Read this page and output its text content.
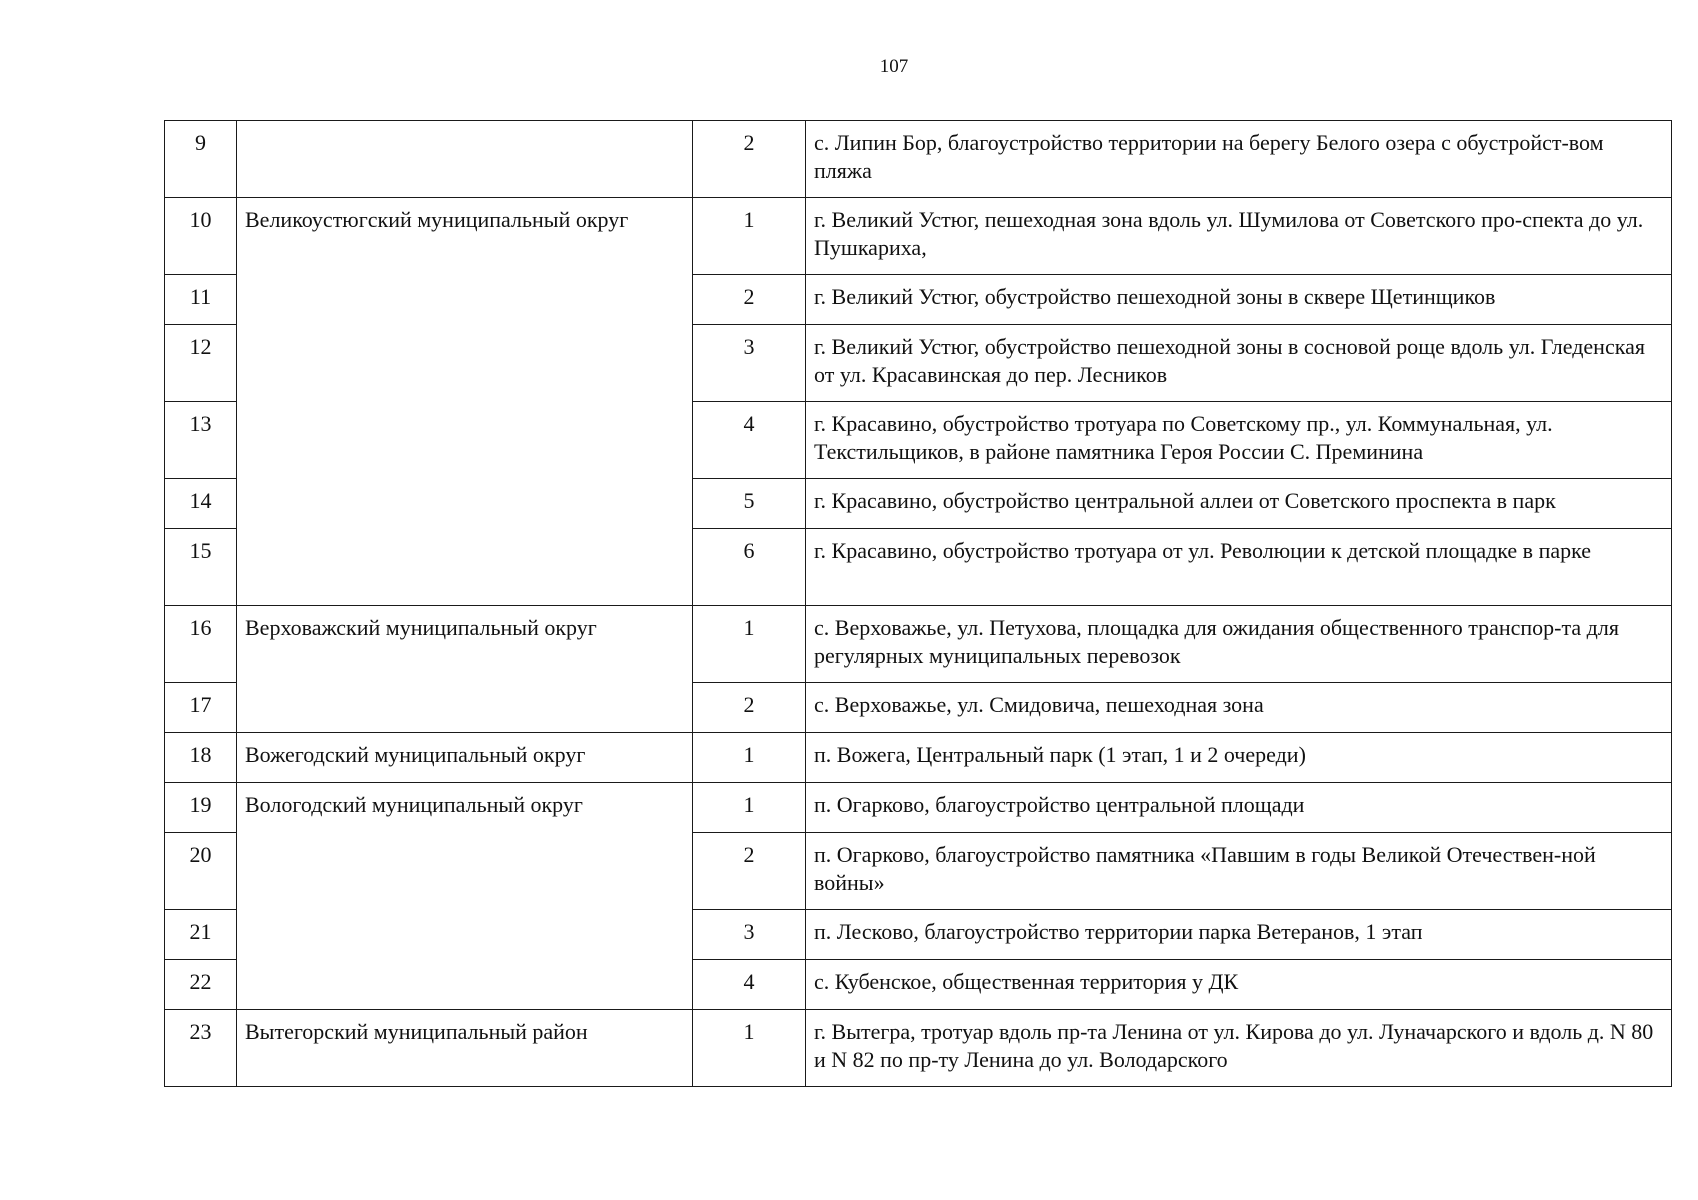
107
9		2	с. Липин Бор, благоустройство территории на берегу Белого озера с обустройст-вом пляжа
10	Великоустюгский муниципальный округ	1	г. Великий Устюг, пешеходная зона вдоль ул. Шумилова от Советского про-спекта до ул. Пушкариха,
11		2	г. Великий Устюг, обустройство пешеходной зоны в сквере Щетинщиков
12		3	г. Великий Устюг, обустройство пешеходной зоны в сосновой роще вдоль ул. Гледенская от ул. Красавинская до пер. Лесников
13		4	г. Красавино, обустройство тротуара по Советскому пр., ул. Коммунальная, ул. Текстильщиков, в районе памятника Героя России С. Преминина
14		5	г. Красавино, обустройство центральной аллеи от Советского проспекта в парк
15		6	г. Красавино, обустройство тротуара от ул. Революции к детской площадке в парке
16	Верховажский муниципальный округ	1	с. Верховажье, ул. Петухова, площадка для ожидания общественного транспор-та для регулярных муниципальных перевозок
17		2	с. Верховажье, ул. Смидовича, пешеходная зона
18	Вожегодский муниципальный округ	1	п. Вожега, Центральный парк (1 этап, 1 и 2 очереди)
19	Вологодский муниципальный округ	1	п. Огарково, благоустройство центральной площади
20		2	п. Огарково, благоустройство памятника «Павшим в годы Великой Отечествен-ной войны»
21		3	п. Лесково, благоустройство территории парка Ветеранов, 1 этап
22		4	с. Кубенское, общественная территория у ДК
23	Вытегорский муниципальный район	1	г. Вытегра, тротуар вдоль пр-та Ленина от ул. Кирова до ул. Луначарского и вдоль д. N 80 и N 82 по пр-ту Ленина до ул. Володарского
